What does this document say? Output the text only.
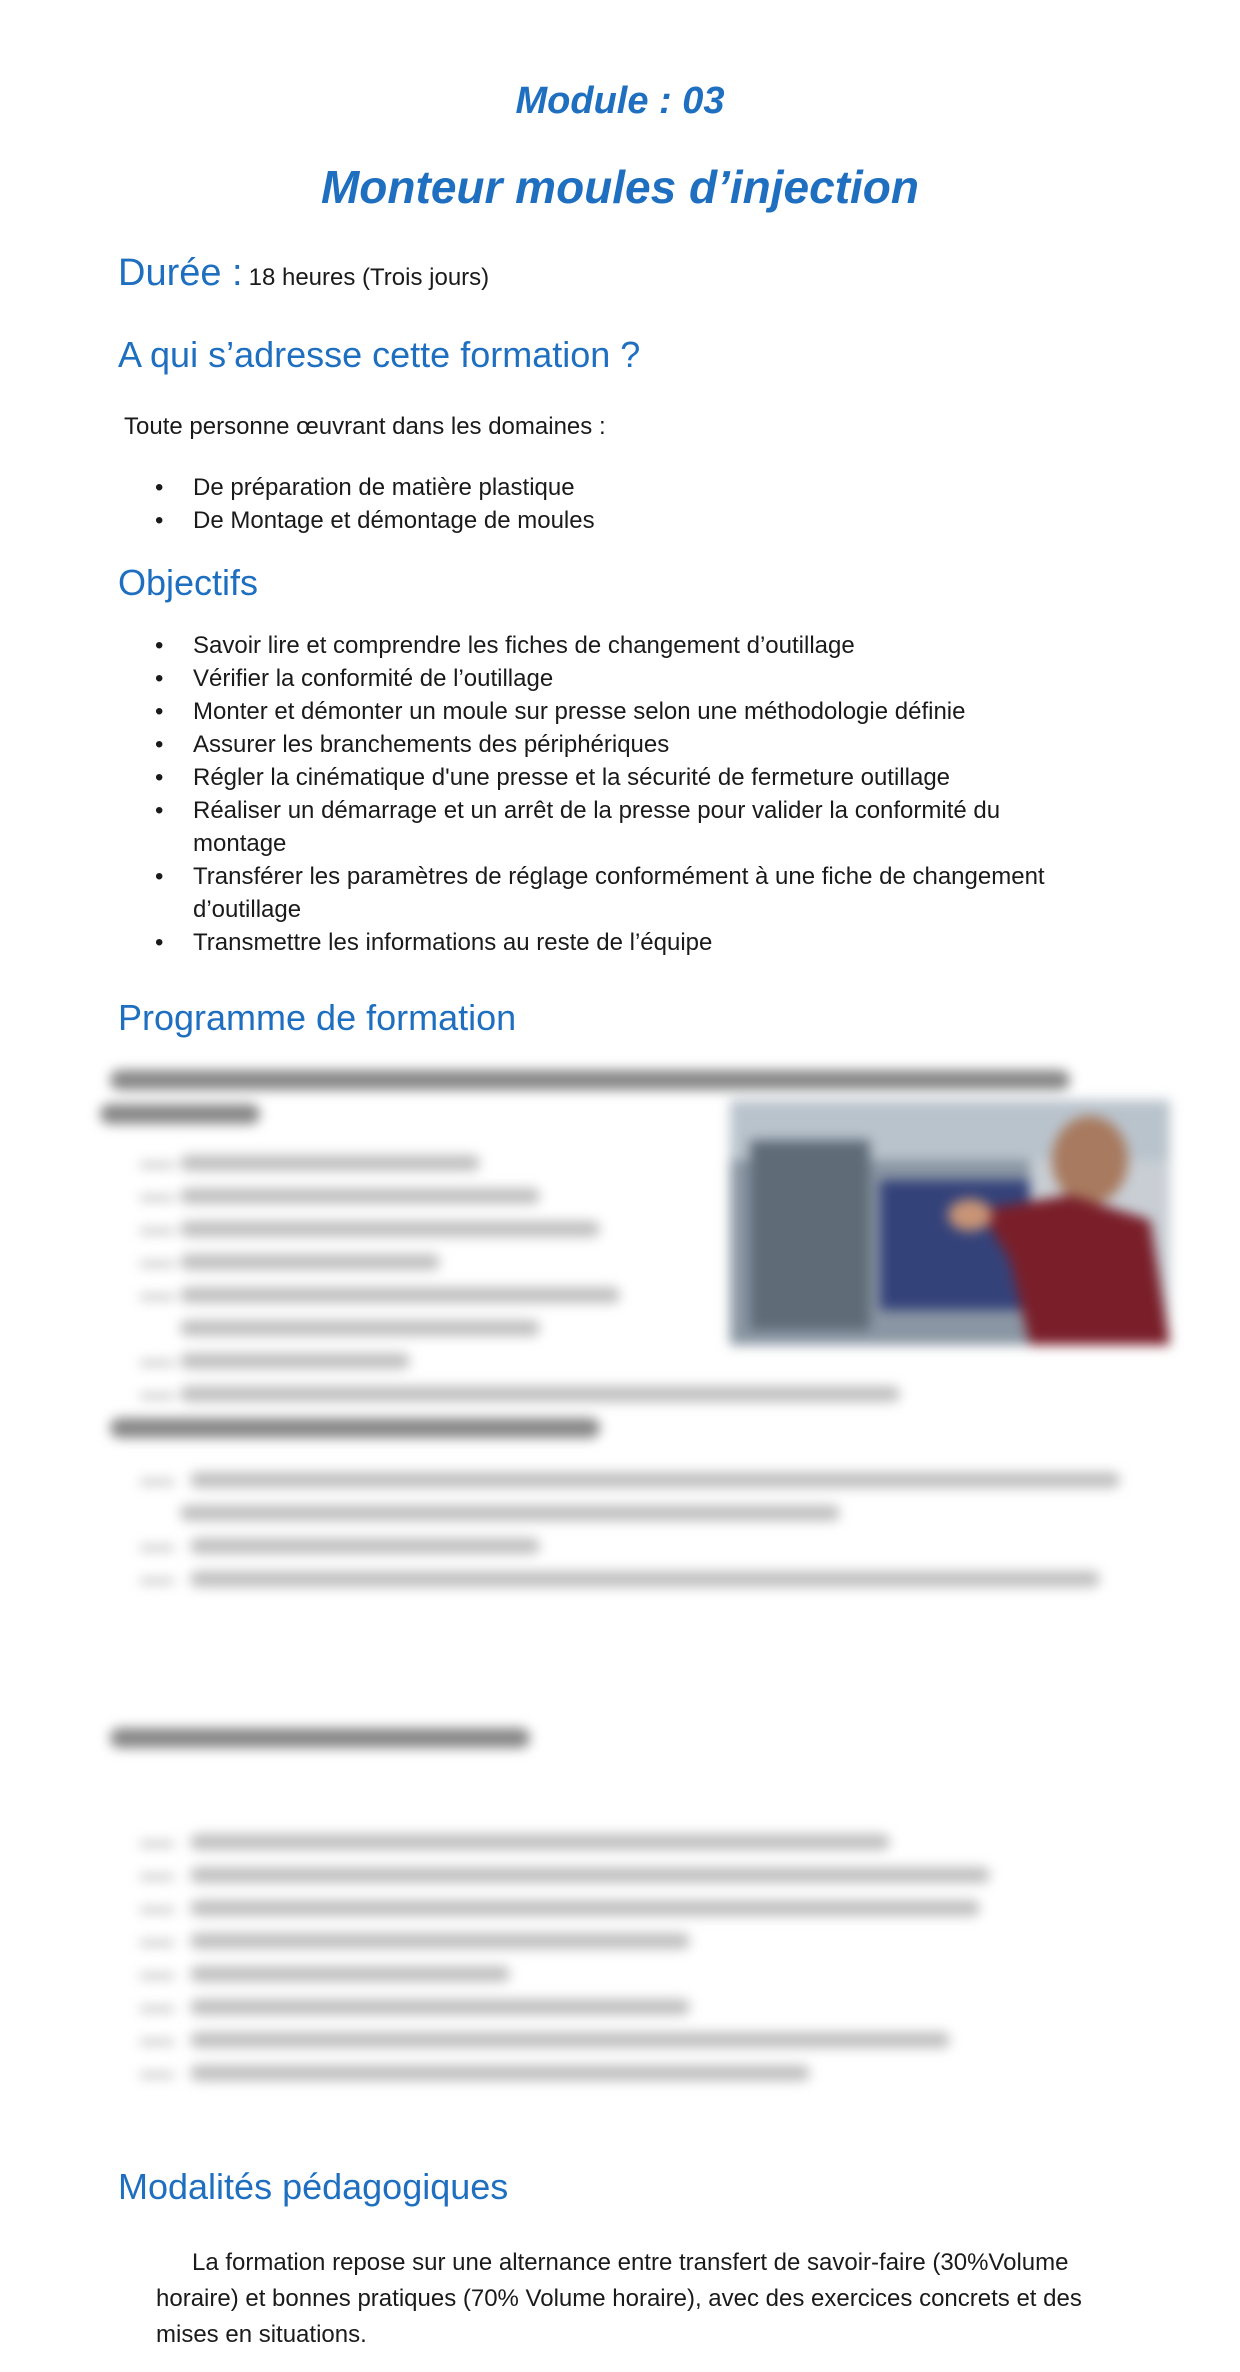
Module : 03
Monteur moules d’injection
Durée : 18 heures (Trois jours)
A qui s’adresse cette formation ?
Toute personne œuvrant dans les domaines :
• De préparation de matière plastique
• De Montage et démontage de moules
Objectifs
• Savoir lire et comprendre les fiches de changement d’outillage
• Vérifier la conformité de l’outillage
• Monter et démonter un moule sur presse selon une méthodologie définie
• Assurer les branchements des périphériques
• Régler la cinématique d'une presse et la sécurité de fermeture outillage
• Réaliser un démarrage et un arrêt de la presse pour valider la conformité du montage
• Transférer les paramètres de réglage conformément à une fiche de changement d’outillage
• Transmettre les informations au reste de l’équipe
Programme de formation
Modalités pédagogiques
La formation repose sur une alternance entre transfert de savoir-faire (30%Volume horaire) et bonnes pratiques (70% Volume horaire), avec des exercices concrets et des mises en situations.
